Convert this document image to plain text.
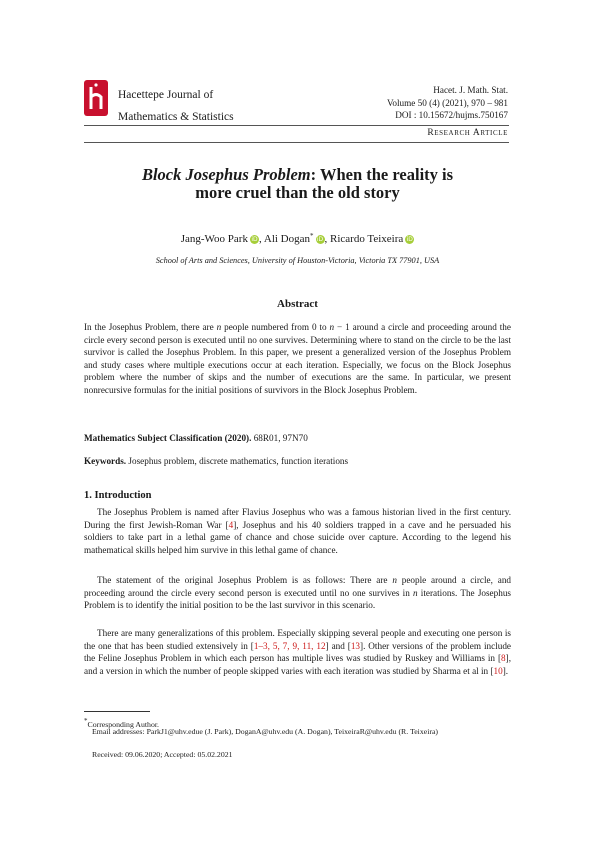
Hacettepe Journal of
Mathematics & Statistics
Hacet. J. Math. Stat.
Volume 50 (4) (2021), 970 – 981
DOI : 10.15672/hujms.750167
Research Article
Block Josephus Problem: When the reality is
more cruel than the old story
Jang-Woo Park iD, Ali Dogan* iD, Ricardo Teixeira iD
School of Arts and Sciences, University of Houston-Victoria, Victoria TX 77901, USA
Abstract
In the Josephus Problem, there are n people numbered from 0 to n − 1 around a circle and proceeding around the circle every second person is executed until no one survives. Determining where to stand on the circle to be the last survivor is called the Josephus Problem. In this paper, we present a generalized version of the Josephus Problem and study cases where multiple executions occur at each iteration. Especially, we focus on the Block Josephus problem where the number of skips and the number of executions are the same. In particular, we present nonrecursive formulas for the initial positions of survivors in the Block Josephus Problem.
Mathematics Subject Classification (2020). 68R01, 97N70
Keywords. Josephus problem, discrete mathematics, function iterations
1. Introduction
The Josephus Problem is named after Flavius Josephus who was a famous historian lived in the first century. During the first Jewish-Roman War [4], Josephus and his 40 soldiers trapped in a cave and he persuaded his soldiers to take part in a lethal game of chance and chose suicide over capture. According to the legend his mathematical skills helped him survive in this lethal game of chance.
The statement of the original Josephus Problem is as follows: There are n people around a circle, and proceeding around the circle every second person is executed until no one survives in n iterations. The Josephus Problem is to identify the initial position to be the last survivor in this scenario.
There are many generalizations of this problem. Especially skipping several people and executing one person is the one that has been studied extensively in [1–3, 5, 7, 9, 11, 12] and [13]. Other versions of the problem include the Feline Josephus Problem in which each person has multiple lives was studied by Ruskey and Williams in [8], and a version in which the number of people skipped varies with each iteration was studied by Sharma et al in [10].
*Corresponding Author.
Email addresses: ParkJ1@uhv.edue (J. Park), DoganA@uhv.edu (A. Dogan), TeixeiraR@uhv.edu (R. Teixeira)
Received: 09.06.2020; Accepted: 05.02.2021
